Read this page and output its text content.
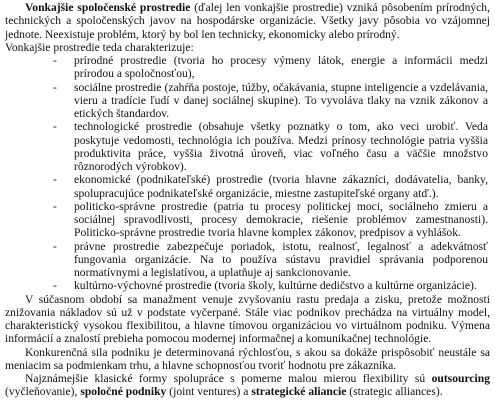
Vonkajšie spoločenské prostredie (ďalej len vonkajšie prostredie) vzniká pôsobením prírodných, technických a spoločenských javov na hospodárske organizácie. Všetky javy pôsobia vo vzájomnej jednote. Neexistuje problém, ktorý by bol len technicky, ekonomicky alebo prírodný.

Vonkajšie prostredie teda charakterizuje:

-	prírodné prostredie (tvoria ho procesy výmeny látok, energie a informácii medzi prírodou a spoločnosťou),
-	sociálne prostredie (zahŕňa postoje, túžby, očakávania, stupne inteligencie a vzdelávania, vieru a tradície ľudí v danej sociálnej skupine). To vyvoláva tlaky na vznik zákonov a etických štandardov.
-	technologické prostredie (obsahuje všetky poznatky o tom, ako veci urobiť. Veda poskytuje vedomosti, technológia ich používa. Medzi prínosy technológie patria vyššia produktivita práce, vyššia životná úroveň, viac voľného času a väčšie množstvo rôznorodých výrobkov).
-	ekonomické (podnikateľské) prostredie (tvoria hlavne zákazníci, dodávatelia, banky, spolupracujúce podnikateľské organizácie, miestne zastupiteľské organy atď.).
-	politicko-správne prostredie (patria tu procesy politickej moci, sociálneho zmieru a sociálnej spravodlivosti, procesy demokracie, riešenie problémov zamestnanosti). Politicko-správne prostredie tvoria hlavne komplex zákonov, predpisov a vyhlášok.
-	právne prostredie zabezpečuje poriadok, istotu, realnosť, legalnosť a adekvátnosť fungovania organizácie. Na to používa sústavu pravidiel správania podporenou normatívnymi a legislatívou, a uplatňuje aj sankcionovanie.
-	kultúrno-výchovné prostredie (tvoria školy, kultúrne dedičstvo a kultúrne organizácie).

V súčasnom období sa manažment venuje zvyšovaniu rastu predaja a zisku, pretože možnosti znižovania nákladov sú už v podstate vyčerpané. Stále viac podnikov prechádza na virtuálny model, charakteristický vysokou flexibilitou, a hlavne tímovou organizáciou vo virtuálnom podniku. Výmena informácií a znalostí prebieha pomocou modernej informačnej a komunikačnej technológie.

Konkurenčná sila podniku je determinovaná rýchlosťou, s akou sa dokáže prispôsobiť neustále sa meniacim sa podmienkam trhu, a hlavne schopnosťou tvoriť hodnotu pre zákazníka.

Najznámejšie klasické formy spolupráce s pomerne malou mierou flexibility sú outsourcing (vyčleňovanie), spoločné podniky (joint ventures) a strategické aliancie (strategic alliances).
